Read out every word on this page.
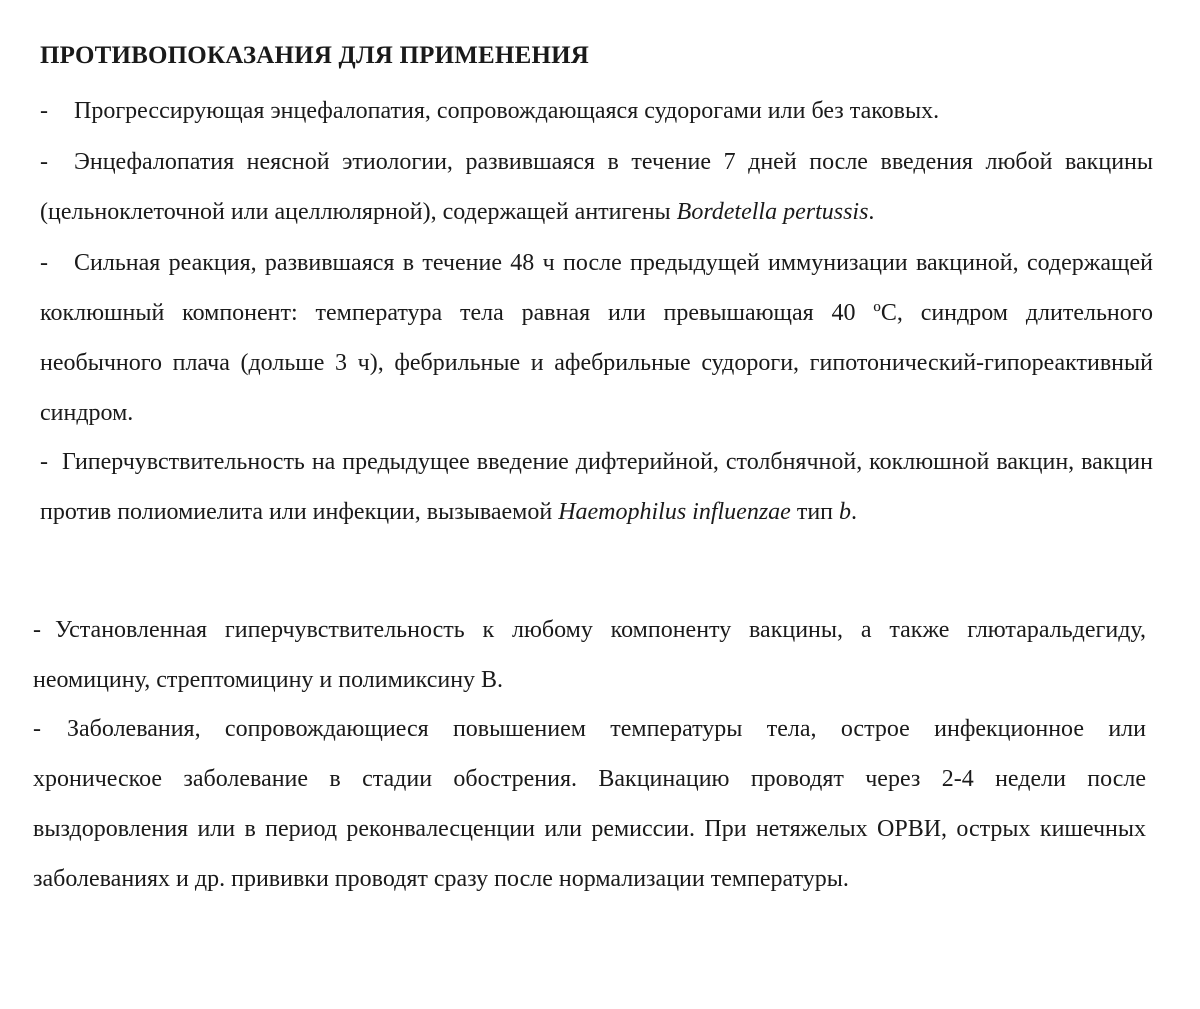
ПРОТИВОПОКАЗАНИЯ ДЛЯ ПРИМЕНЕНИЯ

- Прогрессирующая энцефалопатия, сопровождающаяся судорогами или без таковых.

- Энцефалопатия неясной этиологии, развившаяся в течение 7 дней после введения любой вакцины (цельноклеточной или ацеллюлярной), содержащей антигены Bordetella pertussis.

- Сильная реакция, развившаяся в течение 48 ч после предыдущей иммунизации вакциной, содержащей коклюшный компонент: температура тела равная или превышающая 40 ºС, синдром длительного необычного плача (дольше 3 ч), фебрильные и афебрильные судороги, гипотонический-гипореактивный синдром.

- Гиперчувствительность на предыдущее введение дифтерийной, столбнячной, коклюшной вакцин, вакцин против полиомиелита или инфекции, вызываемой Haemophilus influenzae тип b.

- Установленная гиперчувствительность к любому компоненту вакцины, а также глютаральдегиду, неомицину, стрептомицину и полимиксину В.

- Заболевания, сопровождающиеся повышением температуры тела, острое инфекционное или хроническое заболевание в стадии обострения. Вакцинацию проводят через 2-4 недели после выздоровления или в период реконвалесценции или ремиссии. При нетяжелых ОРВИ, острых кишечных заболеваниях и др. прививки проводят сразу после нормализации температуры.
